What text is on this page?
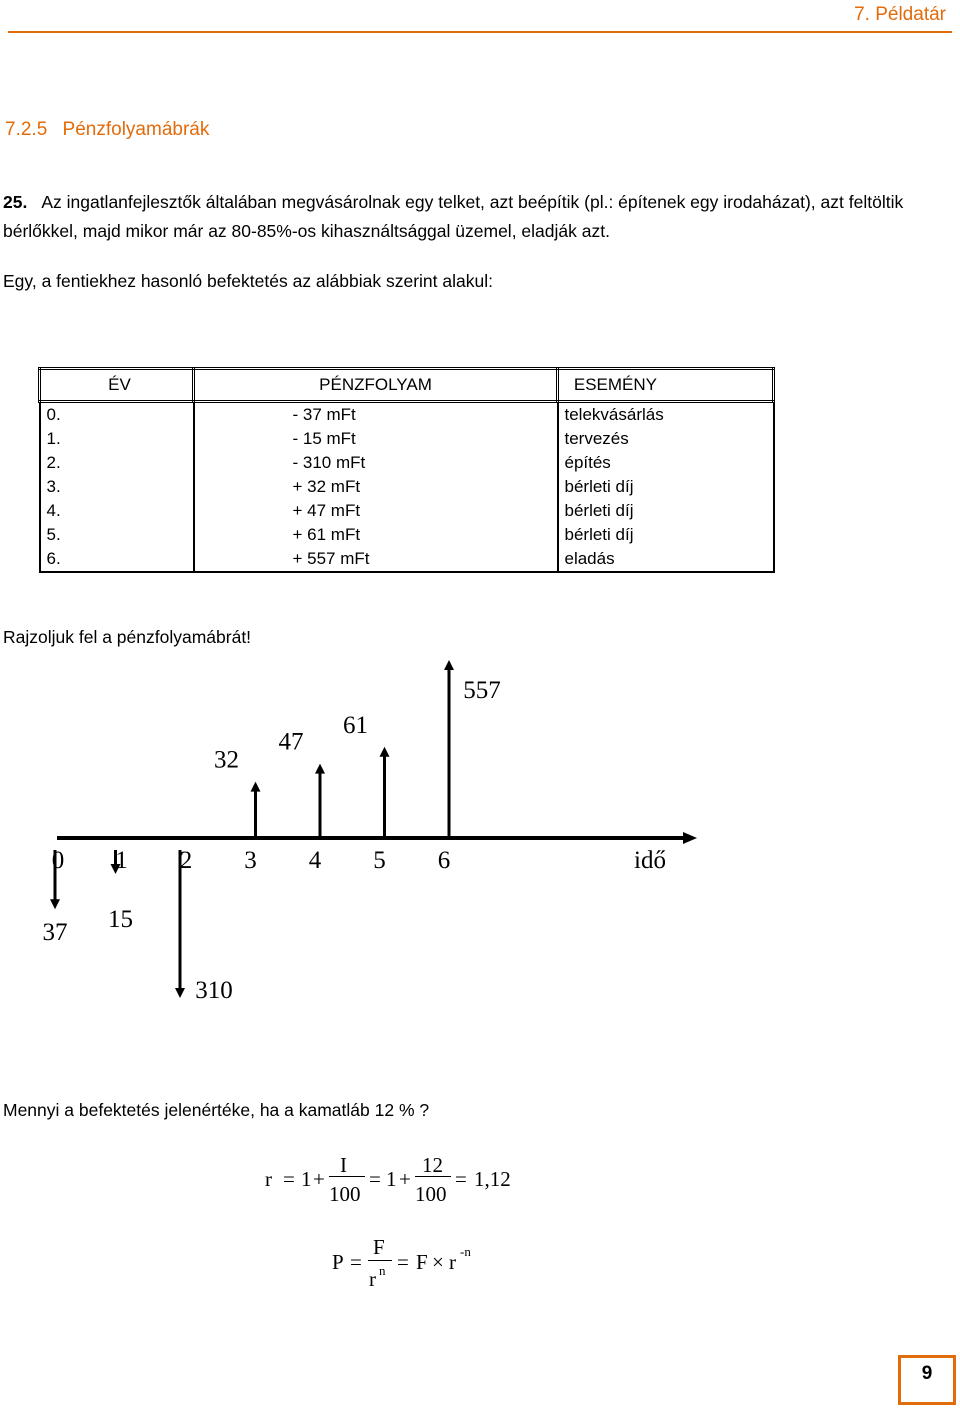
7. Példatár
7.2.5 Pénzfolyamábrák
25. Az ingatlanfejlesztők általában megvásárolnak egy telket, azt beépítik (pl.: építenek egy irodaházat), azt feltöltik
bérlőkkel, majd mikor már az 80-85%-os kihasználtsággal üzemel, eladják azt.
Egy, a fentiekhez hasonló befektetés az alábbiak szerint alakul:
ÉV	PÉNZFOLYAM	ESEMÉNY
0.	- 37 mFt	telekvásárlás
1.	- 15 mFt	tervezés
2.	- 310 mFt	építés
3.	+ 32 mFt	bérleti díj
4.	+ 47 mFt	bérleti díj
5.	+ 61 mFt	bérleti díj
6.	+ 557 mFt	eladás
Rajzoljuk fel a pénzfolyamábrát!
0 1 2 3 4 5 6	idő
32
47
61
557
37 15
310
Mennyi a befektetés jelenértéke, ha a kamatláb 12 % ?
r = 1 +
I
100
= 1 +
12
100
= 1,12
P =
F
r n = F × r -n
9
